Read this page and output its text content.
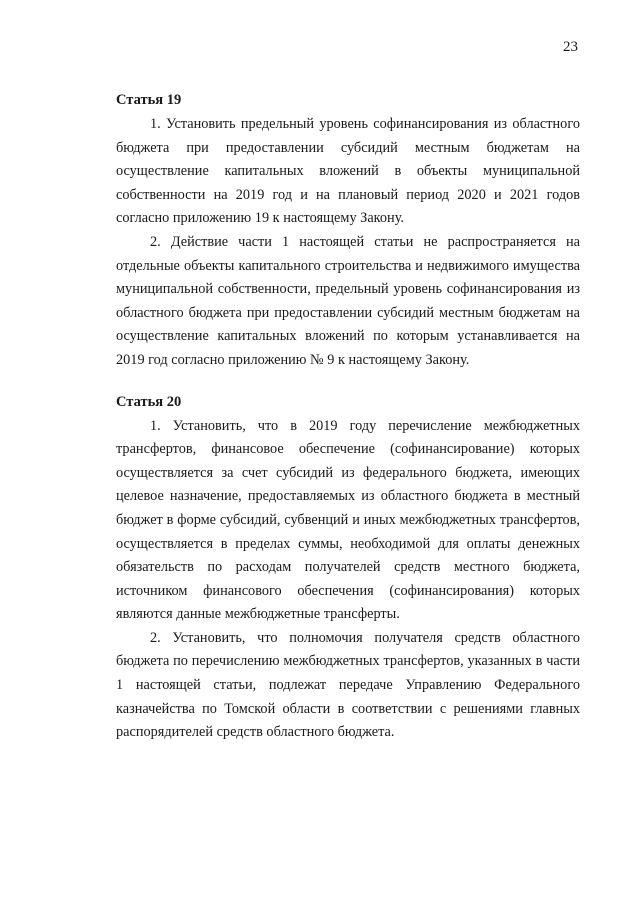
23
Статья 19

1. Установить предельный уровень софинансирования из областного бюджета при предоставлении субсидий местным бюджетам на осуществление капитальных вложений в объекты муниципальной собственности на 2019 год и на плановый период 2020 и 2021 годов согласно приложению 19 к настоящему Закону.

2. Действие части 1 настоящей статьи не распространяется на отдельные объекты капитального строительства и недвижимого имущества муниципальной собственности, предельный уровень софинансирования из областного бюджета при предоставлении субсидий местным бюджетам на осуществление капитальных вложений по которым устанавливается на 2019 год согласно приложению № 9 к настоящему Закону.

Статья 20

1. Установить, что в 2019 году перечисление межбюджетных трансфертов, финансовое обеспечение (софинансирование) которых осуществляется за счет субсидий из федерального бюджета, имеющих целевое назначение, предоставляемых из областного бюджета в местный бюджет в форме субсидий, субвенций и иных межбюджетных трансфертов, осуществляется в пределах суммы, необходимой для оплаты денежных обязательств по расходам получателей средств местного бюджета, источником финансового обеспечения (софинансирования) которых являются данные межбюджетные трансферты.

2. Установить, что полномочия получателя средств областного бюджета по перечислению межбюджетных трансфертов, указанных в части 1 настоящей статьи, подлежат передаче Управлению Федерального казначейства по Томской области в соответствии с решениями главных распорядителей средств областного бюджета.
